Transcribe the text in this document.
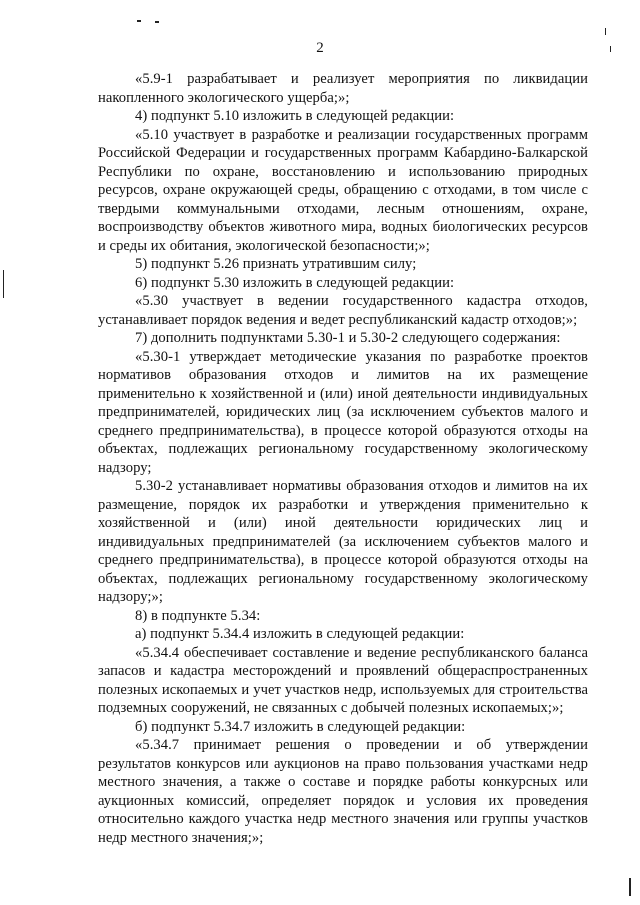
2

«5.9-1 разрабатывает и реализует мероприятия по ликвидации накопленного экологического ущерба;»;

4) подпункт 5.10 изложить в следующей редакции:

«5.10 участвует в разработке и реализации государственных программ Российской Федерации и государственных программ Кабардино-Балкарской Республики по охране, восстановлению и использованию природных ресурсов, охране окружающей среды, обращению с отходами, в том числе с твердыми коммунальными отходами, лесным отношениям, охране, воспроизводству объектов животного мира, водных биологических ресурсов и среды их обитания, экологической безопасности;»;

5) подпункт 5.26 признать утратившим силу;

6) подпункт 5.30 изложить в следующей редакции:

«5.30 участвует в ведении государственного кадастра отходов, устанавливает порядок ведения и ведет республиканский кадастр отходов;»;

7) дополнить подпунктами 5.30-1 и 5.30-2 следующего содержания:

«5.30-1 утверждает методические указания по разработке проектов нормативов образования отходов и лимитов на их размещение применительно к хозяйственной и (или) иной деятельности индивидуальных предпринимателей, юридических лиц (за исключением субъектов малого и среднего предпринимательства), в процессе которой образуются отходы на объектах, подлежащих региональному государственному экологическому надзору;

5.30-2 устанавливает нормативы образования отходов и лимитов на их размещение, порядок их разработки и утверждения применительно к хозяйственной и (или) иной деятельности юридических лиц и индивидуальных предпринимателей (за исключением субъектов малого и среднего предпринимательства), в процессе которой образуются отходы на объектах, подлежащих региональному государственному экологическому надзору;»;

8) в подпункте 5.34:

а) подпункт 5.34.4 изложить в следующей редакции:

«5.34.4 обеспечивает составление и ведение республиканского баланса запасов и кадастра месторождений и проявлений общераспространенных полезных ископаемых и учет участков недр, используемых для строительства подземных сооружений, не связанных с добычей полезных ископаемых;»;

б) подпункт 5.34.7 изложить в следующей редакции:

«5.34.7 принимает решения о проведении и об утверждении результатов конкурсов или аукционов на право пользования участками недр местного значения, а также о составе и порядке работы конкурсных или аукционных комиссий, определяет порядок и условия их проведения относительно каждого участка недр местного значения или группы участков недр местного значения;»;
